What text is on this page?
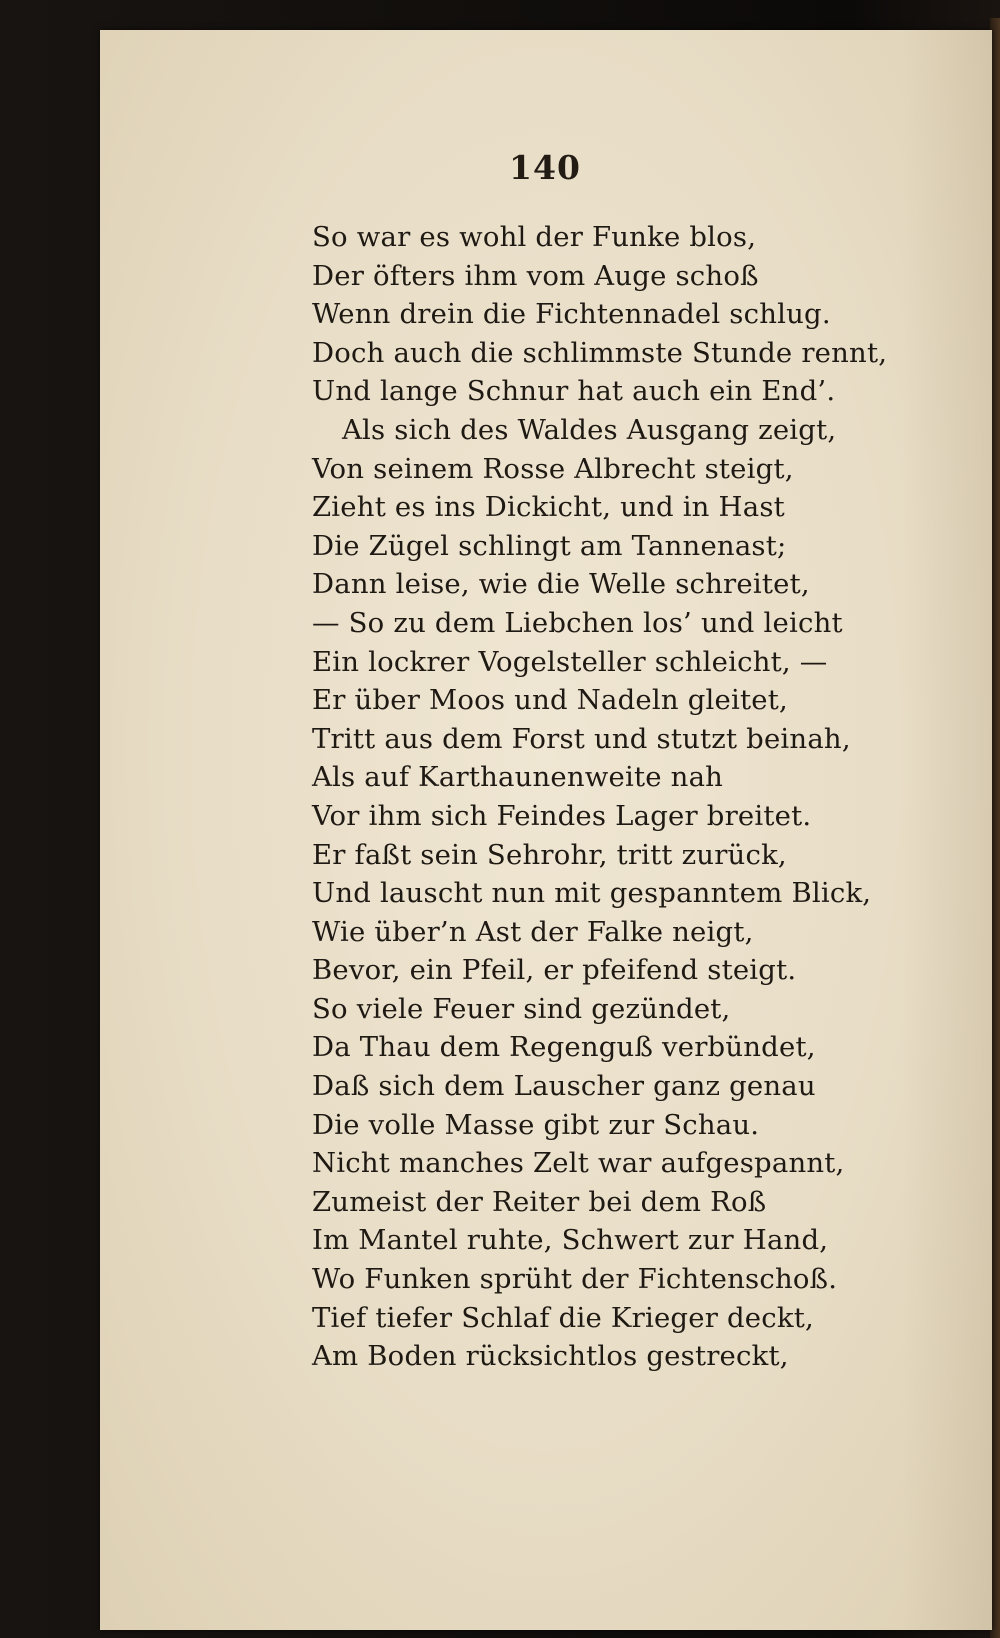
140
So war es wohl der Funke blos,
Der öfters ihm vom Auge schoß
Wenn drein die Fichtennadel schlug.
Doch auch die schlimmste Stunde rennt,
Und lange Schnur hat auch ein End’.
Als sich des Waldes Ausgang zeigt,
Von seinem Rosse Albrecht steigt,
Zieht es ins Dickicht, und in Hast
Die Zügel schlingt am Tannenast;
Dann leise, wie die Welle schreitet,
— So zu dem Liebchen los’ und leicht
Ein lockrer Vogelsteller schleicht, —
Er über Moos und Nadeln gleitet,
Tritt aus dem Forst und stutzt beinah,
Als auf Karthaunenweite nah
Vor ihm sich Feindes Lager breitet.
Er faßt sein Sehrohr, tritt zurück,
Und lauscht nun mit gespanntem Blick,
Wie über’n Ast der Falke neigt,
Bevor, ein Pfeil, er pfeifend steigt.
So viele Feuer sind gezündet,
Da Thau dem Regenguß verbündet,
Daß sich dem Lauscher ganz genau
Die volle Masse gibt zur Schau.
Nicht manches Zelt war aufgespannt,
Zumeist der Reiter bei dem Roß
Im Mantel ruhte, Schwert zur Hand,
Wo Funken sprüht der Fichtenschoß.
Tief tiefer Schlaf die Krieger deckt,
Am Boden rücksichtlos gestreckt,
